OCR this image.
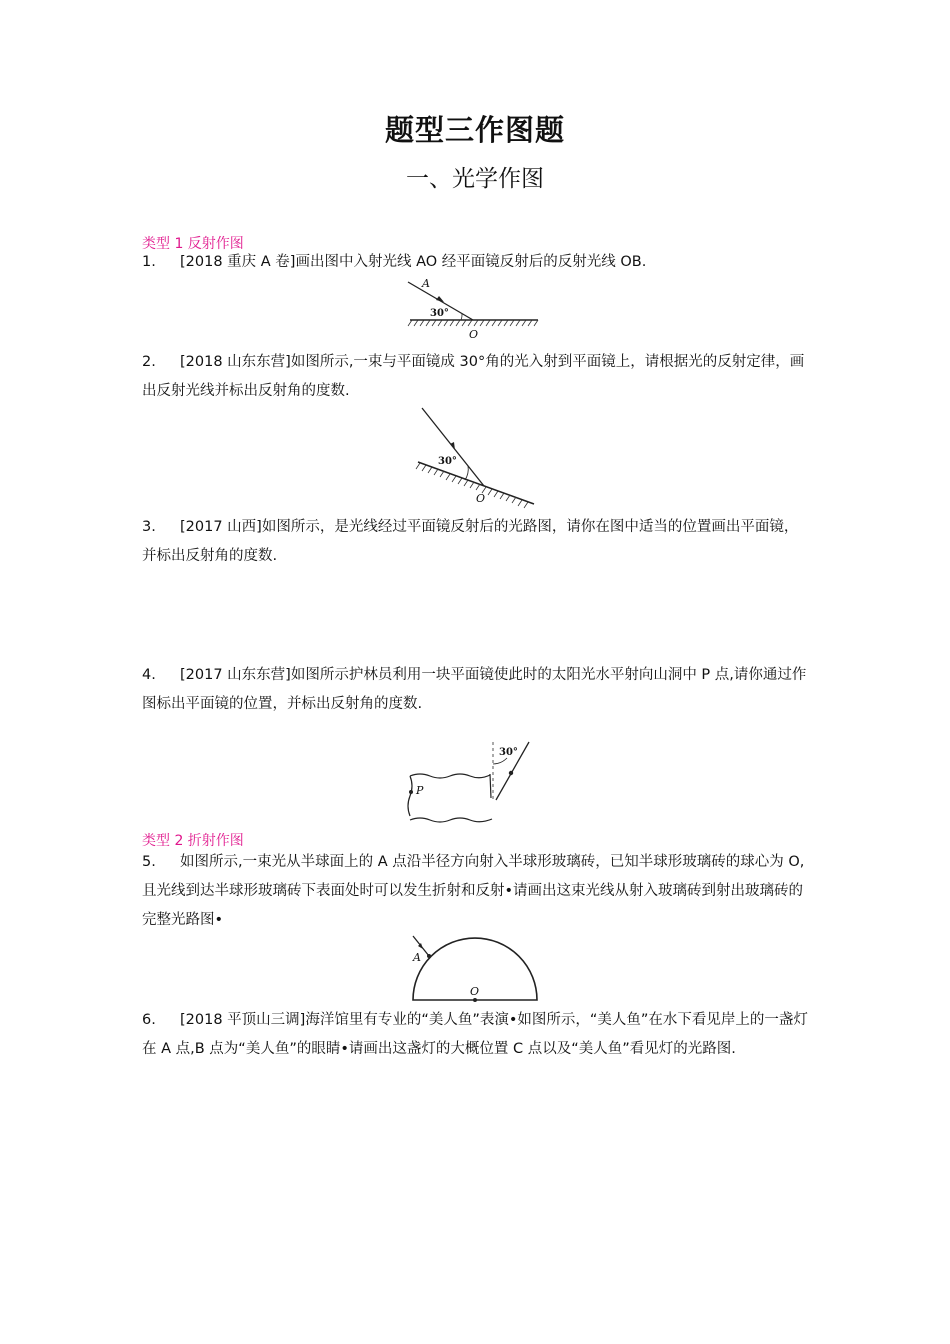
题型三作图题
一、光学作图
类型 1 反射作图
1. [2018 重庆 A 卷]画出图中入射光线 AO 经平面镜反射后的反射光线 OB.
A
30°
O
2. [2018 山东东营]如图所示,一束与平面镜成 30°角的光入射到平面镜上，请根据光的反射定律，画出反射光线并标出反射角的度数.
30°
O
3. [2017 山西]如图所示，是光线经过平面镜反射后的光路图，请你在图中适当的位置画出平面镜，并标出反射角的度数.
4. [2017 山东东营]如图所示护林员利用一块平面镜使此时的太阳光水平射向山洞中 P 点,请你通过作图标出平面镜的位置，并标出反射角的度数.
P
30°
类型 2 折射作图
5. 如图所示,一束光从半球面上的 A 点沿半径方向射入半球形玻璃砖，已知半球形玻璃砖的球心为 O,且光线到达半球形玻璃砖下表面处时可以发生折射和反射•请画出这束光线从射入玻璃砖到射出玻璃砖的完整光路图•
A
O
6. [2018 平顶山三调]海洋馆里有专业的“美人鱼”表演•如图所示，“美人鱼”在水下看见岸上的一盏灯在 A 点,B 点为“美人鱼”的眼睛•请画出这盏灯的大概位置 C 点以及“美人鱼”看见灯的光路图.
